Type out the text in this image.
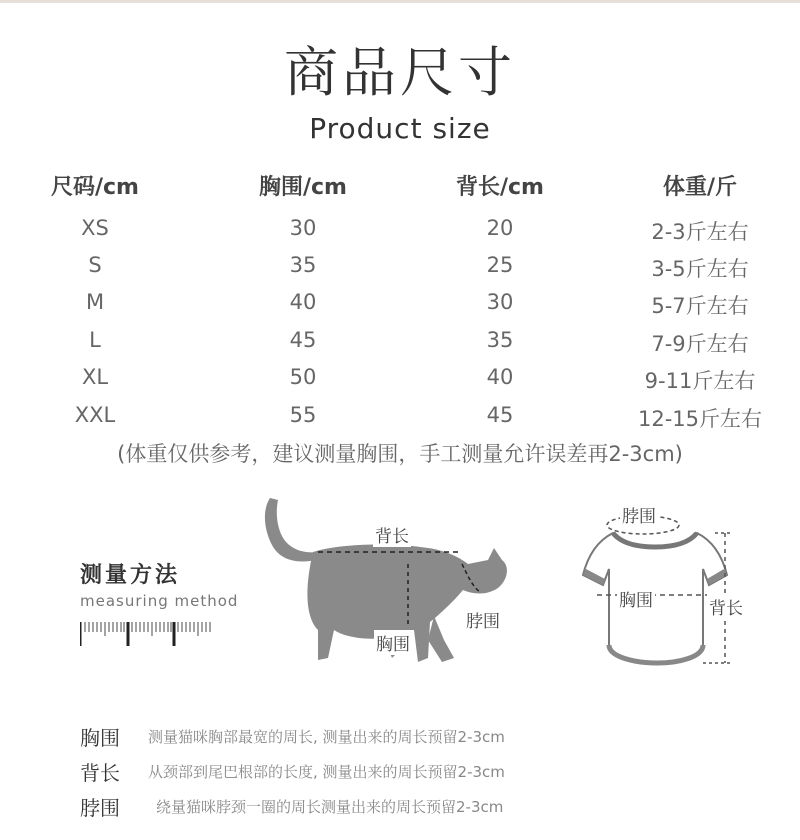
商品尺寸
Product size
尺码/cm	胸围/cm	背长/cm	体重/斤
XS	30	20	2-3斤左右
S	35	25	3-5斤左右
M	40	30	5-7斤左右
L	45	35	7-9斤左右
XL	50	40	9-11斤左右
XXL	55	45	12-15斤左右
(体重仅供参考，建议测量胸围，手工测量允许误差再2-3cm)
测量方法
measuring method
背长
脖围
胸围
脖围
胸围	背长
胸围	测量猫咪胸部最宽的周长, 测量出来的周长预留2-3cm
背长	从颈部到尾巴根部的长度, 测量出来的周长预留2-3cm
脖围	绕量猫咪脖颈一圈的周长测量出来的周长预留2-3cm
